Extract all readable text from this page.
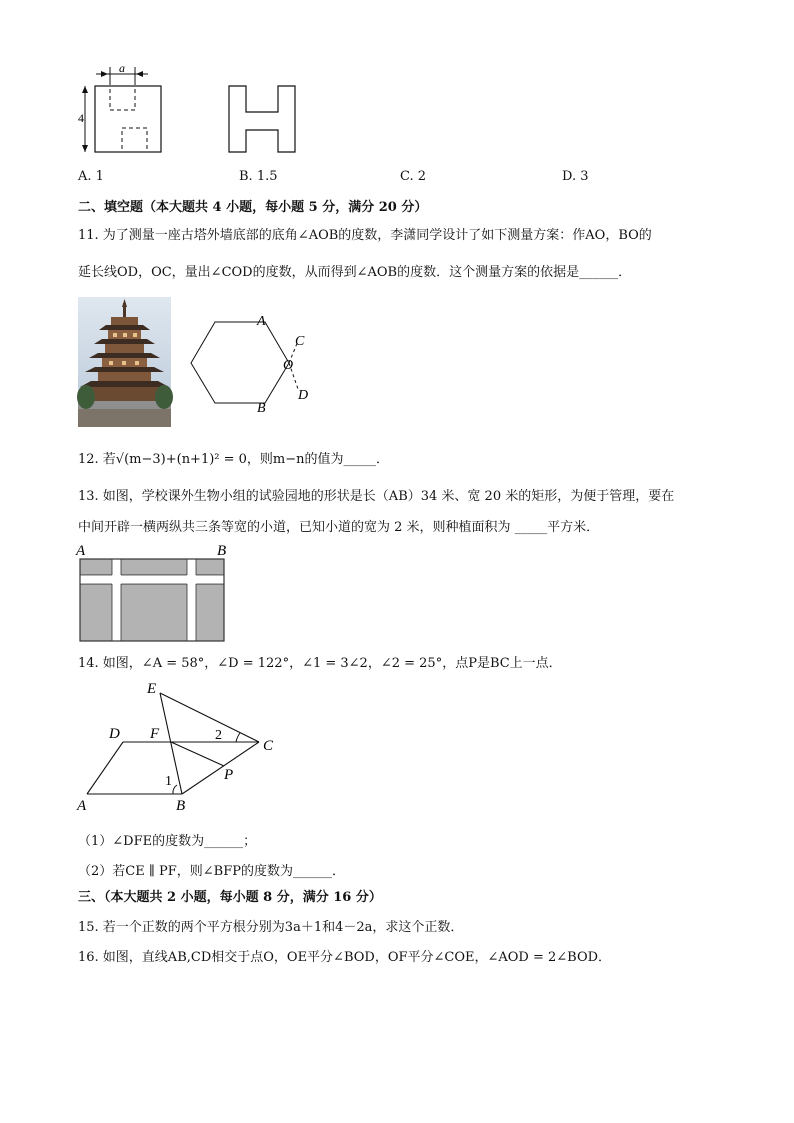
a
4
A. 1	B. 1.5	C. 2	D. 3
二、填空题（本大题共 4 小题，每小题 5 分，满分 20 分）
11. 为了测量一座古塔外墙底部的底角∠AOB的度数，李潇同学设计了如下测量方案：作AO，BO的
延长线OD，OC，量出∠COD的度数，从而得到∠AOB的度数．这个测量方案的依据是______．
A
B
C
O
D
12. 若√(m−3)+(n+1)² = 0，则m−n的值为_____．
13. 如图，学校课外生物小组的试验园地的形状是长（AB）34 米、宽 20 米的矩形，为便于管理，要在
中间开辟一横两纵共三条等宽的小道，已知小道的宽为 2 米，则种植面积为 _____平方米．
A	B
14. 如图，∠A = 58°，∠D = 122°，∠1 = 3∠2，∠2 = 25°，点P是BC上一点．
E
D F
C
P
A	B
2
1
（1）∠DFE的度数为______；
（2）若CE ∥ PF，则∠BFP的度数为______．
三、（本大题共 2 小题，每小题 8 分，满分 16 分）
15. 若一个正数的两个平方根分别为3a＋1和4－2a，求这个正数．
16. 如图，直线AB,CD相交于点O，OE平分∠BOD，OF平分∠COE，∠AOD = 2∠BOD．
